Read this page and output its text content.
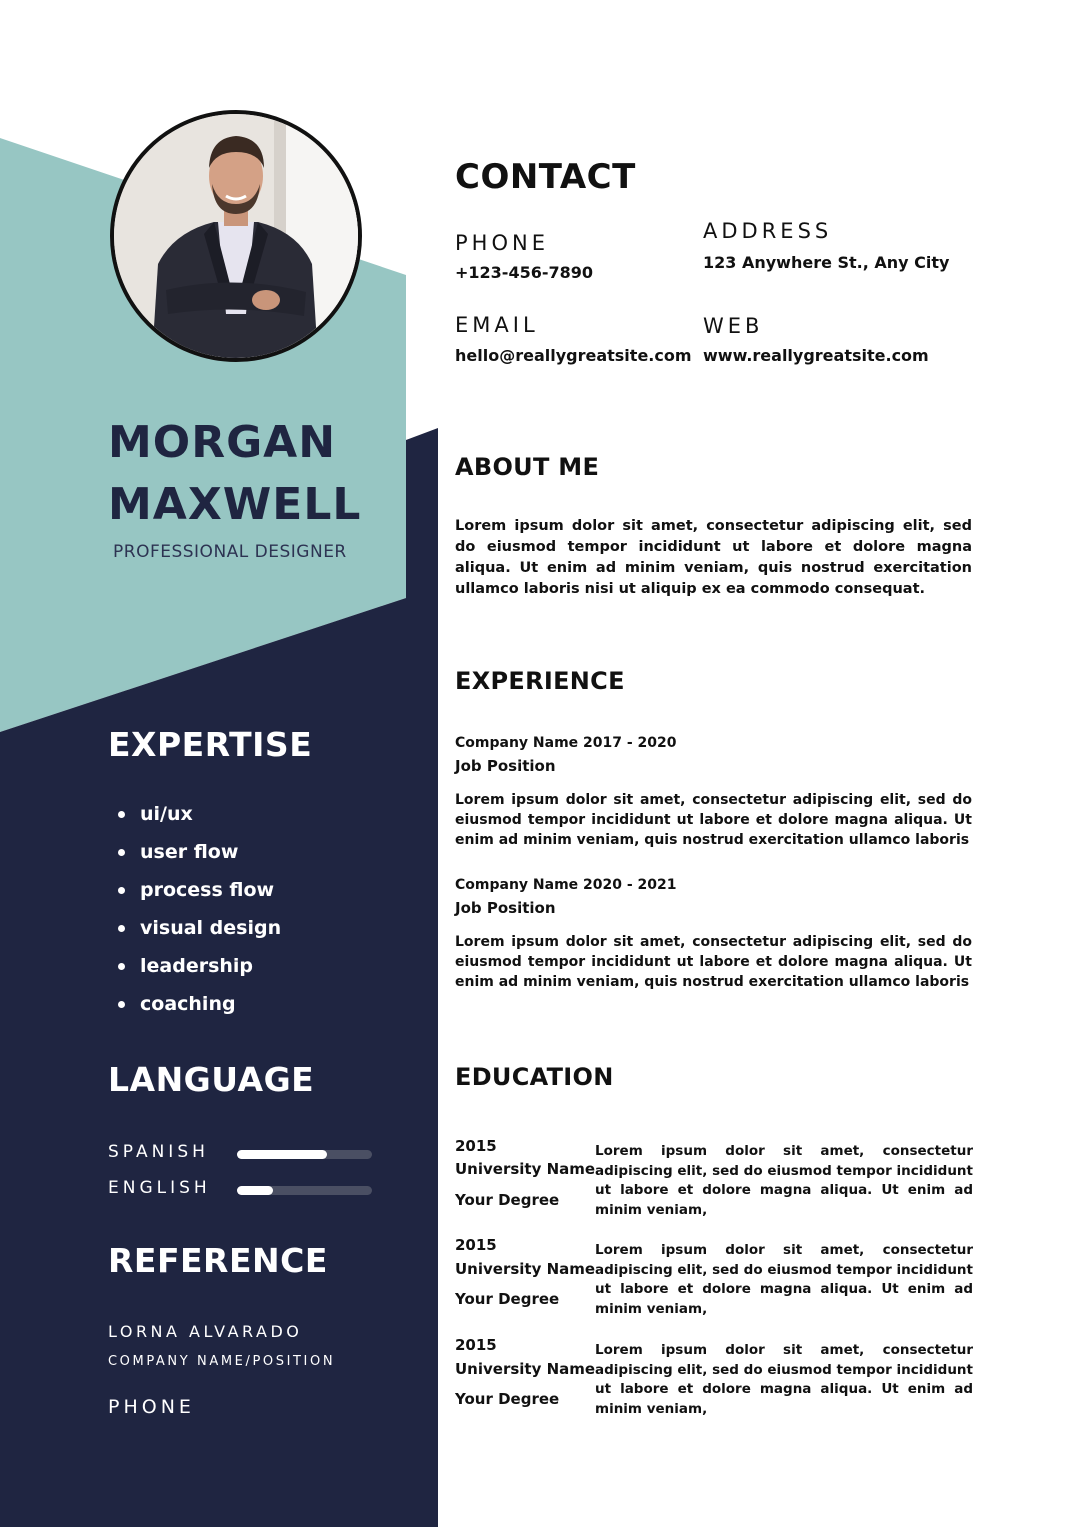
MORGAN
MAXWELL
PROFESSIONAL DESIGNER
EXPERTISE
ui/ux
user flow
process flow
visual design
leadership
coaching
LANGUAGE
SPANISH
ENGLISH
REFERENCE
LORNA ALVARADO
COMPANY NAME/POSITION
PHONE
CONTACT
PHONE
+123-456-7890
ADDRESS
123 Anywhere St., Any City
EMAIL
hello@reallygreatsite.com
WEB
www.reallygreatsite.com
ABOUT ME

Lorem ipsum dolor sit amet, consectetur adipiscing elit, sed do eiusmod tempor incididunt ut labore et dolore magna aliqua. Ut enim ad minim veniam, quis nostrud exercitation ullamco laboris nisi ut aliquip ex ea commodo consequat.

EXPERIENCE
Company Name 2017 - 2020
Job Position

Lorem ipsum dolor sit amet, consectetur adipiscing elit, sed do eiusmod tempor incididunt ut labore et dolore magna aliqua. Ut enim ad minim veniam, quis nostrud exercitation ullamco laboris

Company Name 2020 - 2021
Job Position

Lorem ipsum dolor sit amet, consectetur adipiscing elit, sed do eiusmod tempor incididunt ut labore et dolore magna aliqua. Ut enim ad minim veniam, quis nostrud exercitation ullamco laboris

EDUCATION
2015
University Name
Your Degree

Lorem ipsum dolor sit amet, consectetur adipiscing elit, sed do eiusmod tempor incididunt ut labore et dolore magna aliqua. Ut enim ad minim veniam,

2015
University Name
Your Degree

Lorem ipsum dolor sit amet, consectetur adipiscing elit, sed do eiusmod tempor incididunt ut labore et dolore magna aliqua. Ut enim ad minim veniam,

2015
University Name
Your Degree

Lorem ipsum dolor sit amet, consectetur adipiscing elit, sed do eiusmod tempor incididunt ut labore et dolore magna aliqua. Ut enim ad minim veniam,
